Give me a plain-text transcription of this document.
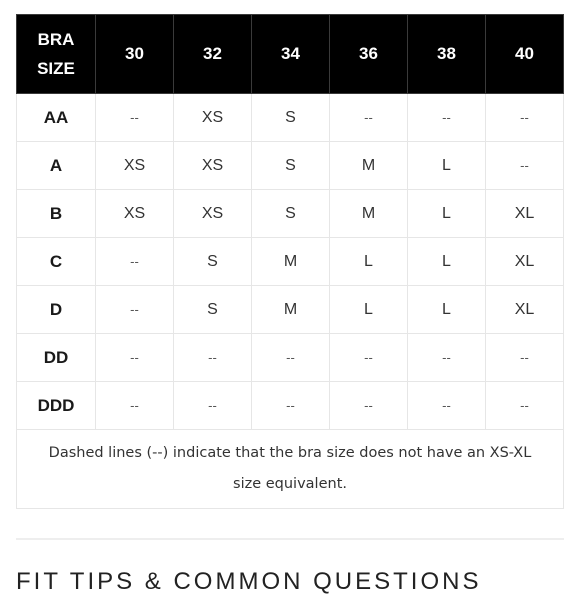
BRA
SIZE	30	32	34	36	38	40
AA	--	XS	S	--	--	--
A	XS	XS	S	M	L	--
B	XS	XS	S	M	L	XL
C	--	S	M	L	L	XL
D	--	S	M	L	L	XL
DD	--	--	--	--	--	--
DDD	--	--	--	--	--	--
Dashed lines (--) indicate that the bra size does not have an XS-XL size equivalent.						
FIT TIPS & COMMON QUESTIONS
